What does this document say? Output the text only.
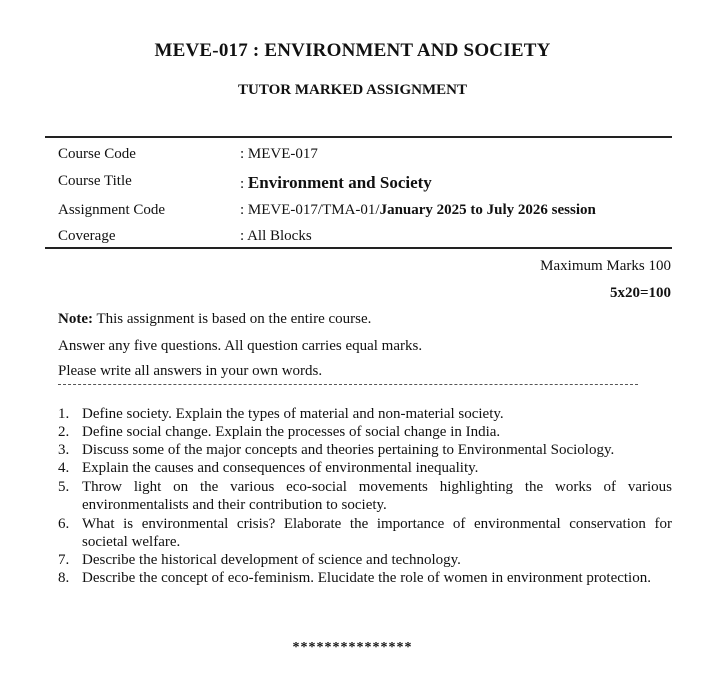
MEVE-017 : ENVIRONMENT AND SOCIETY
TUTOR MARKED ASSIGNMENT
Course Code	: MEVE-017
Course Title	: Environment and Society
Assignment Code	: MEVE-017/TMA-01/January 2025 to July 2026 session
Coverage	: All Blocks
Maximum Marks 100
5x20=100
Note: This assignment is based on the entire course.
Answer any five questions. All question carries equal marks.
Please write all answers in your own words.
1. Define society. Explain the types of material and non-material society.
2. Define social change. Explain the processes of social change in India.
3. Discuss some of the major concepts and theories pertaining to Environmental Sociology.
4. Explain the causes and consequences of environmental inequality.
5. Throw light on the various eco-social movements highlighting the works of various environmentalists and their contribution to society.
6. What is environmental crisis? Elaborate the importance of environmental conservation for societal welfare.
7. Describe the historical development of science and technology.
8. Describe the concept of eco-feminism. Elucidate the role of women in environment protection.
***************
